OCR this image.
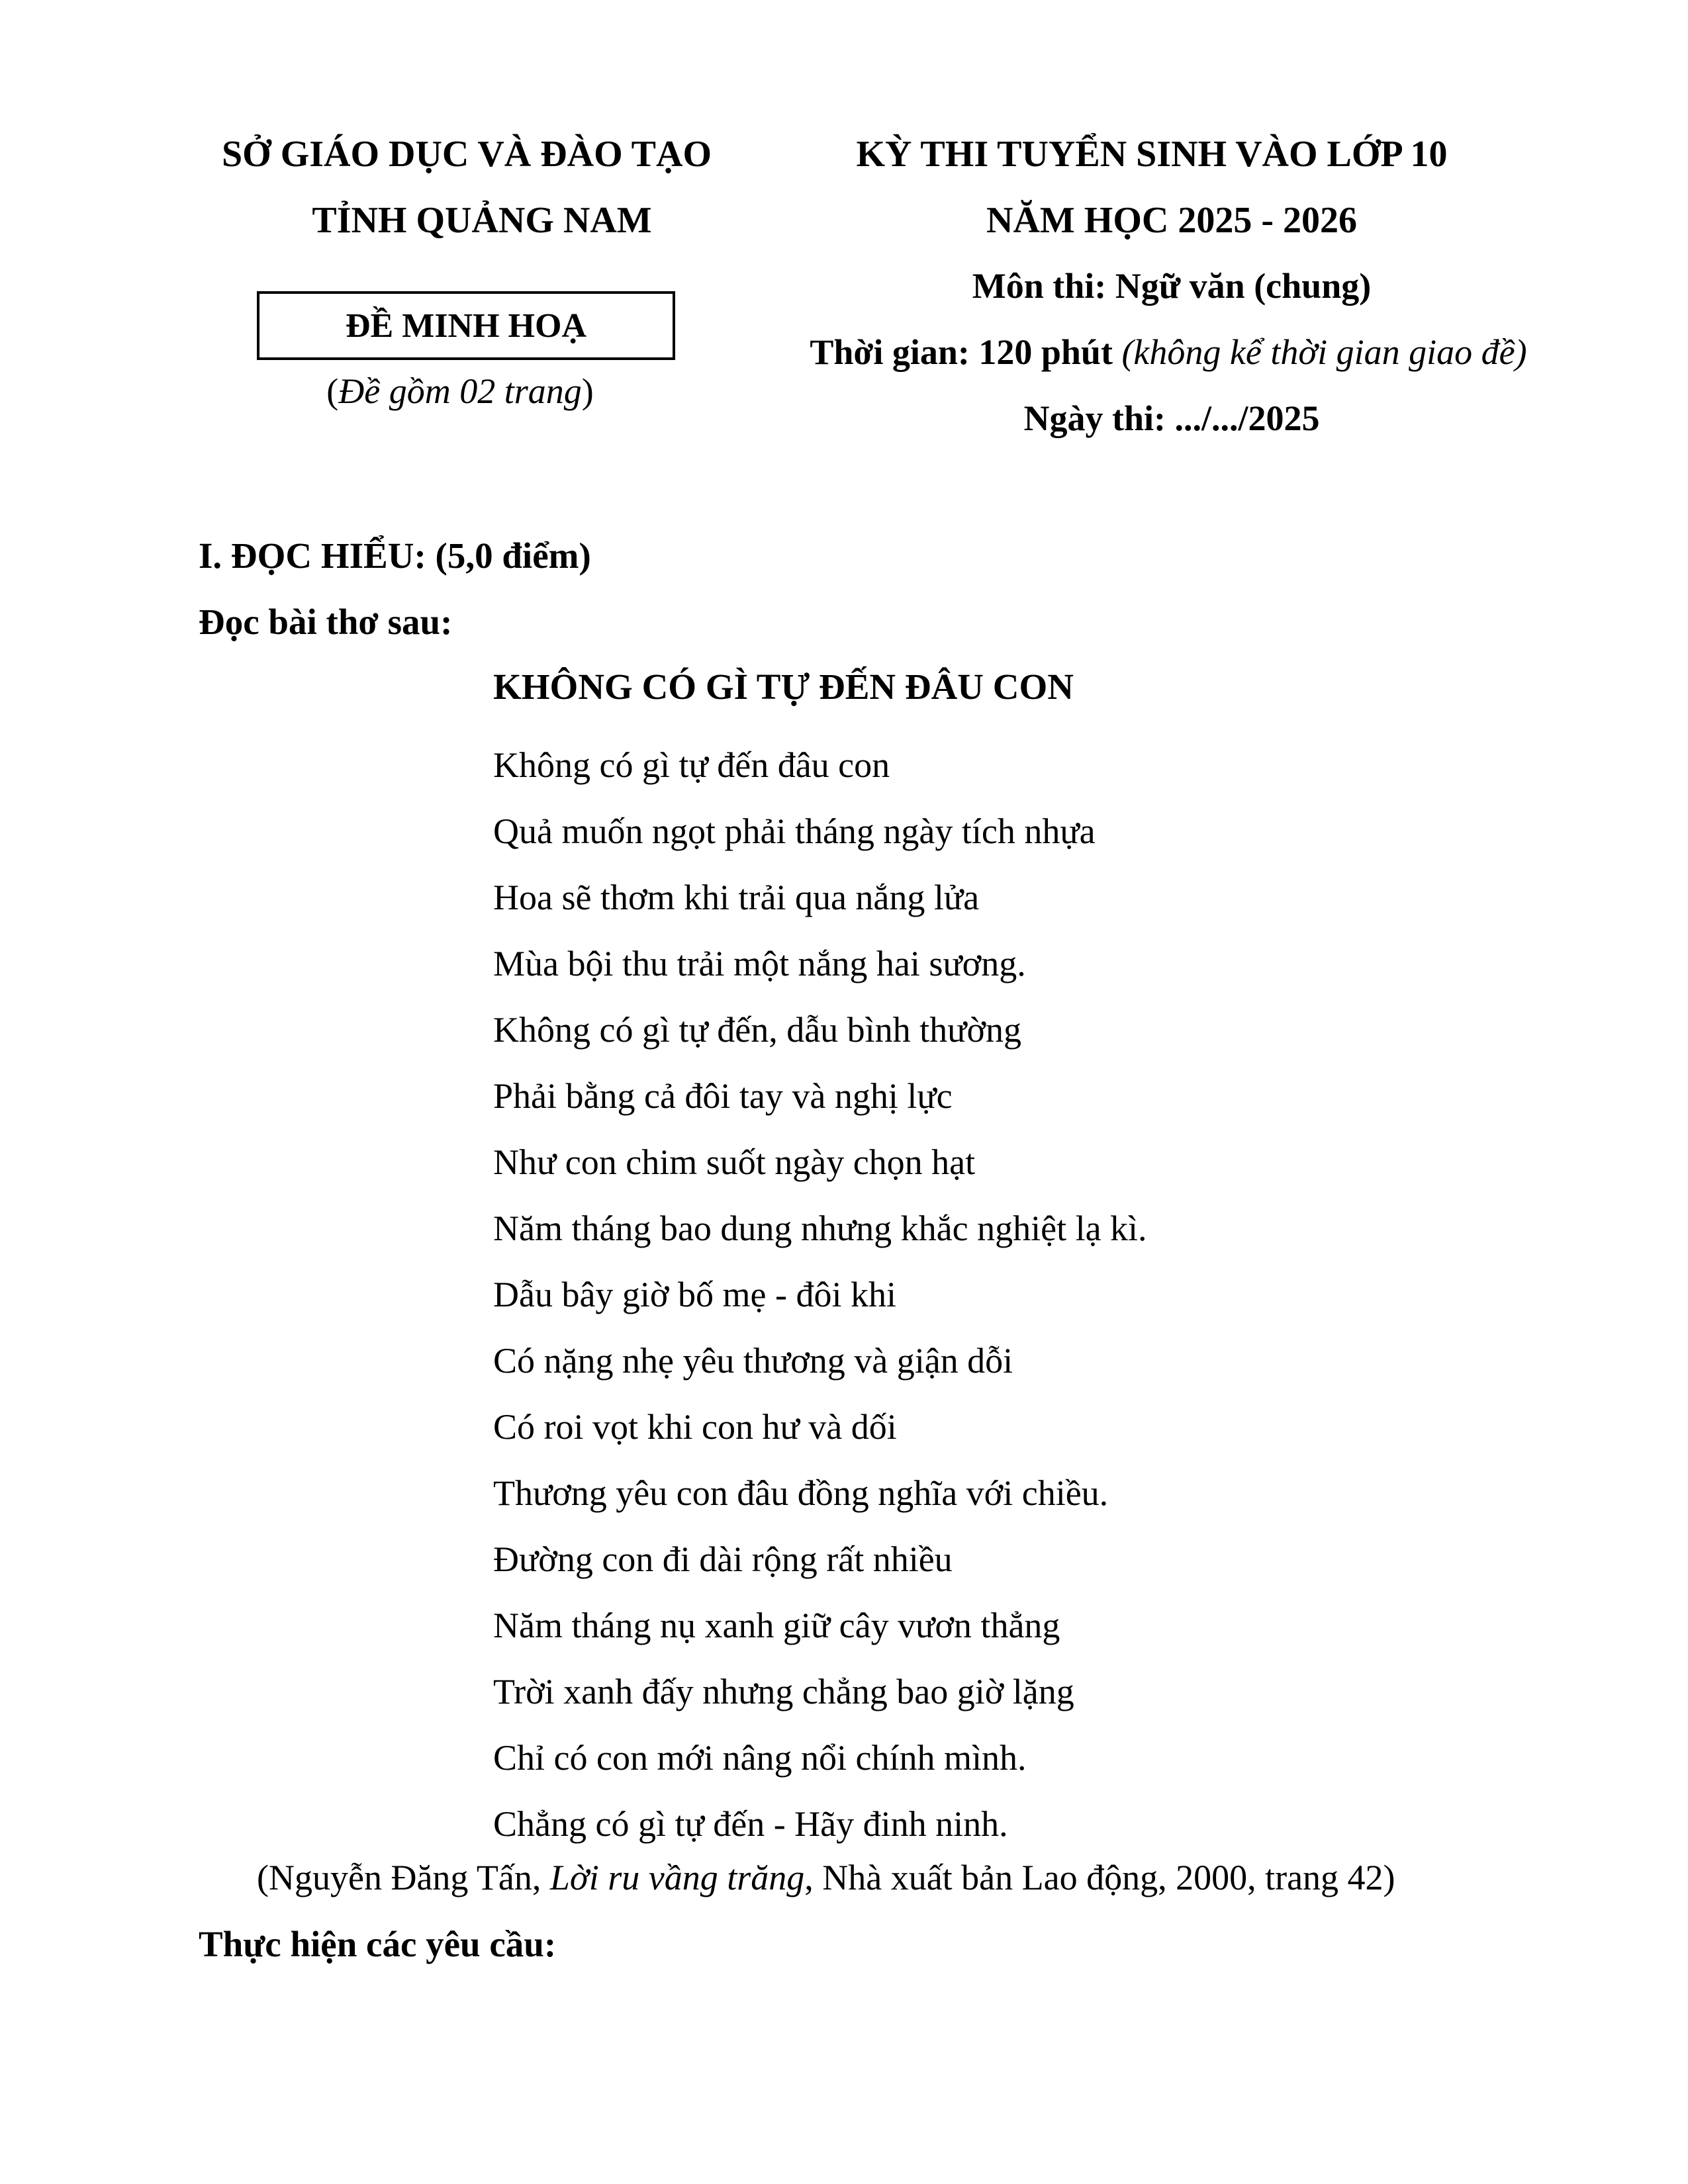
SỞ GIÁO DỤC VÀ ĐÀO TẠO
TỈNH QUẢNG NAM
ĐỀ MINH HOẠ
(Đề gồm 02 trang)
KỲ THI TUYỂN SINH VÀO LỚP 10
NĂM HỌC 2025 - 2026
Môn thi: Ngữ văn (chung)
Thời gian: 120 phút (không kể thời gian giao đề)
Ngày thi: .../.../2025
I. ĐỌC HIỂU: (5,0 điểm)
Đọc bài thơ sau:
KHÔNG CÓ GÌ TỰ ĐẾN ĐÂU CON
Không có gì tự đến đâu con
Quả muốn ngọt phải tháng ngày tích nhựa
Hoa sẽ thơm khi trải qua nắng lửa
Mùa bội thu trải một nắng hai sương.
Không có gì tự đến, dẫu bình thường
Phải bằng cả đôi tay và nghị lực
Như con chim suốt ngày chọn hạt
Năm tháng bao dung nhưng khắc nghiệt lạ kì.
Dẫu bây giờ bố mẹ - đôi khi
Có nặng nhẹ yêu thương và giận dỗi
Có roi vọt khi con hư và dối
Thương yêu con đâu đồng nghĩa với chiều.
Đường con đi dài rộng rất nhiều
Năm tháng nụ xanh giữ cây vươn thẳng
Trời xanh đấy nhưng chẳng bao giờ lặng
Chỉ có con mới nâng nổi chính mình.
Chẳng có gì tự đến - Hãy đinh ninh.
(Nguyễn Đăng Tấn, Lời ru vầng trăng, Nhà xuất bản Lao động, 2000, trang 42)
Thực hiện các yêu cầu:
